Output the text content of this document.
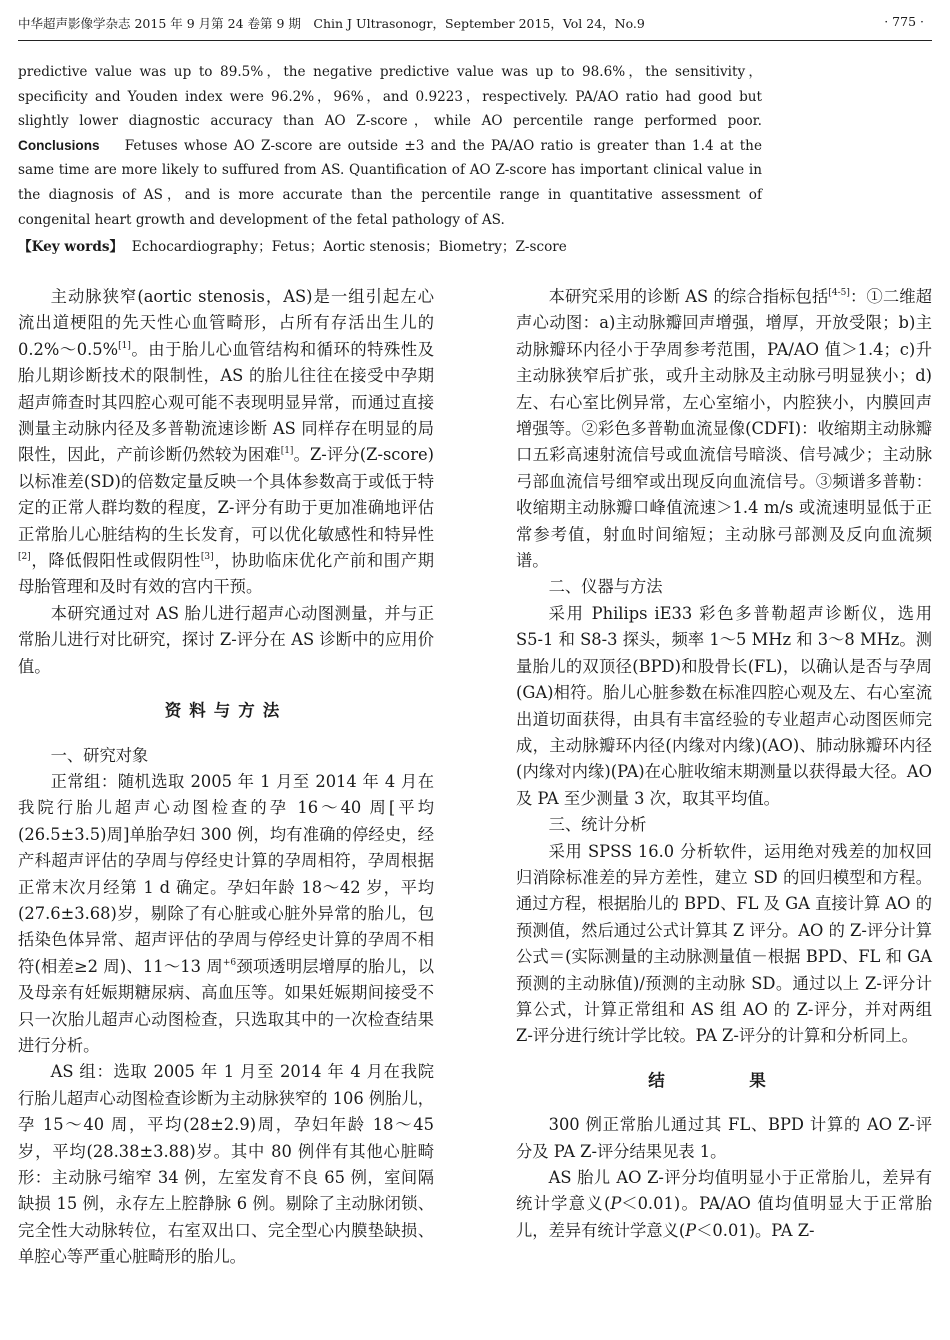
中华超声影像学杂志 2015 年 9 月第 24 卷第 9 期　Chin J Ultrasonogr，September 2015，Vol 24，No.9	· 775 ·
predictive value was up to 89.5%，the negative predictive value was up to 98.6%，the sensitivity，specificity and Youden index were 96.2%，96%，and 0.9223，respectively. PA/AO ratio had good but slightly lower diagnostic accuracy than AO Z-score，while AO percentile range performed poor. Conclusions Fetuses whose AO Z-score are outside ±3 and the PA/AO ratio is greater than 1.4 at the same time are more likely to suffured from AS. Quantification of AO Z-score has important clinical value in the diagnosis of AS，and is more accurate than the percentile range in quantitative assessment of congenital heart growth and development of the fetal pathology of AS.
【Key words】 Echocardiography；Fetus；Aortic stenosis；Biometry；Z-score

主动脉狭窄(aortic stenosis，AS)是一组引起左心流出道梗阻的先天性心血管畸形，占所有存活出生儿的 0.2%～0.5%[1]。由于胎儿心血管结构和循环的特殊性及胎儿期诊断技术的限制性，AS 的胎儿往往在接受中孕期超声筛查时其四腔心观可能不表现明显异常，而通过直接测量主动脉内径及多普勒流速诊断 AS 同样存在明显的局限性，因此，产前诊断仍然较为困难[1]。Z-评分(Z-score)以标准差(SD)的倍数定量反映一个具体参数高于或低于特定的正常人群均数的程度，Z-评分有助于更加准确地评估正常胎儿心脏结构的生长发育，可以优化敏感性和特异性[2]，降低假阳性或假阴性[3]，协助临床优化产前和围产期母胎管理和及时有效的宫内干预。

本研究通过对 AS 胎儿进行超声心动图测量，并与正常胎儿进行对比研究，探讨 Z-评分在 AS 诊断中的应用价值。

资料与方法

一、研究对象

正常组：随机选取 2005 年 1 月至 2014 年 4 月在我院行胎儿超声心动图检查的孕 16～40 周[平均(26.5±3.5)周]单胎孕妇 300 例，均有准确的停经史，经产科超声评估的孕周与停经史计算的孕周相符，孕周根据正常末次月经第 1 d 确定。孕妇年龄 18～42 岁，平均(27.6±3.68)岁，剔除了有心脏或心脏外异常的胎儿，包括染色体异常、超声评估的孕周与停经史计算的孕周不相符(相差≥2 周)、11～13 周$^{+6}$颈项透明层增厚的胎儿，以及母亲有妊娠期糖尿病、高血压等。如果妊娠期间接受不只一次胎儿超声心动图检查，只选取其中的一次检查结果进行分析。

AS 组：选取 2005 年 1 月至 2014 年 4 月在我院行胎儿超声心动图检查诊断为主动脉狭窄的 106 例胎儿，孕 15～40 周，平均(28±2.9)周，孕妇年龄 18～45 岁，平均(28.38±3.88)岁。其中 80 例伴有其他心脏畸形：主动脉弓缩窄 34 例，左室发育不良 65 例，室间隔缺损 15 例，永存左上腔静脉 6 例。剔除了主动脉闭锁、完全性大动脉转位，右室双出口、完全型心内膜垫缺损、单腔心等严重心脏畸形的胎儿。

本研究采用的诊断 AS 的综合指标包括[4-5]：①二维超声心动图：a)主动脉瓣回声增强，增厚，开放受限；b)主动脉瓣环内径小于孕周参考范围，PA/AO 值＞1.4；c)升主动脉狭窄后扩张，或升主动脉及主动脉弓明显狭小；d)左、右心室比例异常，左心室缩小，内腔狭小，内膜回声增强等。②彩色多普勒血流显像(CDFI)：收缩期主动脉瓣口五彩高速射流信号或血流信号暗淡、信号减少；主动脉弓部血流信号细窄或出现反向血流信号。③频谱多普勒：收缩期主动脉瓣口峰值流速＞1.4 m/s 或流速明显低于正常参考值，射血时间缩短；主动脉弓部测及反向血流频谱。

二、仪器与方法

采用 Philips iE33 彩色多普勒超声诊断仪，选用 S5-1 和 S8-3 探头，频率 1～5 MHz 和 3～8 MHz。测量胎儿的双顶径(BPD)和股骨长(FL)，以确认是否与孕周(GA)相符。胎儿心脏参数在标准四腔心观及左、右心室流出道切面获得，由具有丰富经验的专业超声心动图医师完成，主动脉瓣环内径(内缘对内缘)(AO)、肺动脉瓣环内径(内缘对内缘)(PA)在心脏收缩末期测量以获得最大径。AO 及 PA 至少测量 3 次，取其平均值。

三、统计分析

采用 SPSS 16.0 分析软件，运用绝对残差的加权回归消除标准差的异方差性，建立 SD 的回归模型和方程。通过方程，根据胎儿的 BPD、FL 及 GA 直接计算 AO 的预测值，然后通过公式计算其 Z 评分。AO 的 Z-评分计算公式＝(实际测量的主动脉测量值－根据 BPD、FL 和 GA 预测的主动脉值)/预测的主动脉 SD。通过以上 Z-评分计算公式，计算正常组和 AS 组 AO 的 Z-评分，并对两组 Z-评分进行统计学比较。PA Z-评分的计算和分析同上。

结　果

300 例正常胎儿通过其 FL、BPD 计算的 AO Z-评分及 PA Z-评分结果见表 1。

AS 胎儿 AO Z-评分均值明显小于正常胎儿，差异有统计学意义(P＜0.01)。PA/AO 值均值明显大于正常胎儿，差异有统计学意义(P＜0.01)。PA Z-
